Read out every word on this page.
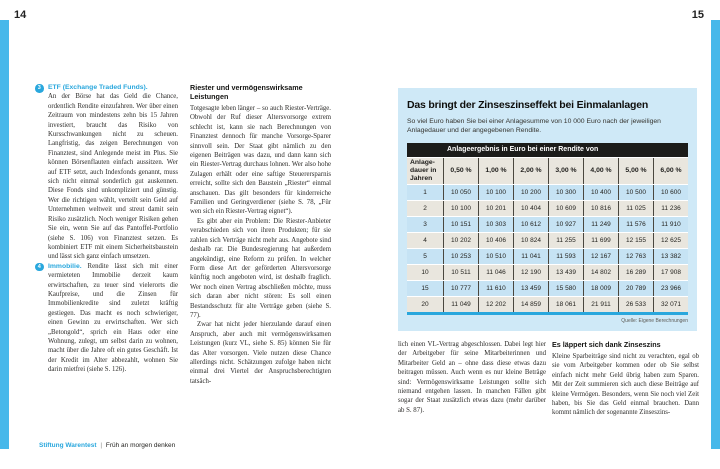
14	15
3	ETF (Exchange Traded Funds).
An der Börse hat das Geld die Chance, ordentlich Rendite einzufahren. Wer über einen Zeitraum von mindestens zehn bis 15 Jahren investiert, braucht das Risiko von Kursschwankungen nicht zu scheuen. Langfristig, das zeigen Berechnungen von Finanztest, sind Anlegende meist im Plus. Sie können Börsenflauten einfach aussitzen. Wer auf ETF setzt, auch Indexfonds genannt, muss sich nicht einmal sonderlich gut auskennen. Diese Fonds sind unkompliziert und günstig. Wer die richtigen wählt, verteilt sein Geld auf Unternehmen weltweit und streut damit sein Risiko zusätzlich. Noch weniger Risiken gehen Sie ein, wenn Sie auf das Pantoffel-Portfolio (siehe S. 106) von Finanztest setzen. Es kombiniert ETF mit einem Sicherheitsbaustein und lässt sich ganz einfach umsetzen.
4	Immobilie. Rendite lässt sich mit einer vermieteten Immobilie derzeit kaum erwirtschaften, zu teuer sind vielerorts die Kaufpreise, und die Zinsen für Immobilienkredite sind zuletzt kräftig gestiegen. Das macht es noch schwieriger, einen Gewinn zu erwirtschaften. Wer sich „Betongold“, sprich ein Haus oder eine Wohnung, zulegt, um selbst darin zu wohnen, macht über die Jahre oft ein gutes Geschäft. Ist der Kredit im Alter abbezahlt, wohnen Sie darin mietfrei (siehe S. 126).
Riester und vermögenswirksame Leistungen

Totgesagte leben länger – so auch Riester-Verträge. Obwohl der Ruf dieser Altersvorsorge extrem schlecht ist, kann sie nach Berechnungen von Finanztest dennoch für manche Vorsorge-Sparer sinnvoll sein. Der Staat gibt nämlich zu den eigenen Beiträgen was dazu, und dann kann sich ein Riester-Vertrag durchaus lohnen. Wer also hohe Zulagen erhält oder eine saftige Steuerersparnis erreicht, sollte sich den Baustein „Riester“ einmal anschauen. Das gilt besonders für kinderreiche Familien und Geringverdiener (siehe S. 78, „Für wen sich ein Riester-Vertrag eignet“).

Es gibt aber ein Problem: Die Riester-Anbieter verabschieden sich von ihren Produkten; für sie zahlen sich Verträge nicht mehr aus. Angebote sind deshalb rar. Die Bundesregierung hat außerdem angekündigt, eine Reform zu prüfen. In welcher Form diese Art der geförderten Altersvorsorge künftig noch angeboten wird, ist deshalb fraglich. Wer noch einen Vertrag abschließen möchte, muss sich daran aber nicht stören: Es soll einen Bestandsschutz für alte Verträge geben (siehe S. 77).

Zwar hat nicht jeder hierzulande darauf einen Anspruch, aber auch mit vermögenswirksamen Leistungen (kurz VL, siehe S. 85) können Sie für das Alter vorsorgen. Viele nutzen diese Chance allerdings nicht. Schätzungen zufolge haben nicht einmal drei Viertel der Anspruchsberechtigten tatsäch-

Das bringt der Zinseszinseffekt bei Einmalanlagen
So viel Euro haben Sie bei einer Anlagesumme von 10 000 Euro nach der jeweiligen Anlagedauer und der angegebenen Rendite.
Anlageergebnis in Euro bei einer Rendite von
Anlage-dauer in Jahren
0,50 %	1,00 %	2,00 %	3,00 %	4,00 %	5,00 %	6,00 %
1	10 050	10 100	10 200	10 300	10 400	10 500	10 600
2	10 100	10 201	10 404	10 609	10 816	11 025	11 236
3	10 151	10 303	10 612	10 927	11 249	11 576	11 910
4	10 202	10 406	10 824	11 255	11 699	12 155	12 625
5	10 253	10 510	11 041	11 593	12 167	12 763	13 382
10	10 511	11 046	12 190	13 439	14 802	16 289	17 908
15	10 777	11 610	13 459	15 580	18 009	20 789	23 966
20	11 049	12 202	14 859	18 061	21 911	26 533	32 071
Quelle: Eigene Berechnungen

lich einen VL-Vertrag abgeschlossen. Dabei legt hier der Arbeitgeber für seine Mitarbeiterinnen und Mitarbeiter Geld an – ohne dass diese etwas dazu beitragen müssen. Auch wenn es nur kleine Beträge sind: Vermögenswirksame Leistungen sollte sich niemand entgehen lassen. In manchen Fällen gibt sogar der Staat zusätzlich etwas dazu (mehr darüber ab S. 87).

Es läppert sich dank Zinseszins

Kleine Sparbeiträge sind nicht zu verachten, egal ob sie vom Arbeitgeber kommen oder ob Sie selbst einfach nicht mehr Geld übrig haben zum Sparen. Mit der Zeit summieren sich auch diese Beiträge auf kleine Vermögen. Besonders, wenn Sie noch viel Zeit haben, bis Sie das Geld einmal brauchen. Dann kommt nämlich der sogenannte Zinseszins-

Stiftung Warentest | Früh an morgen denken
